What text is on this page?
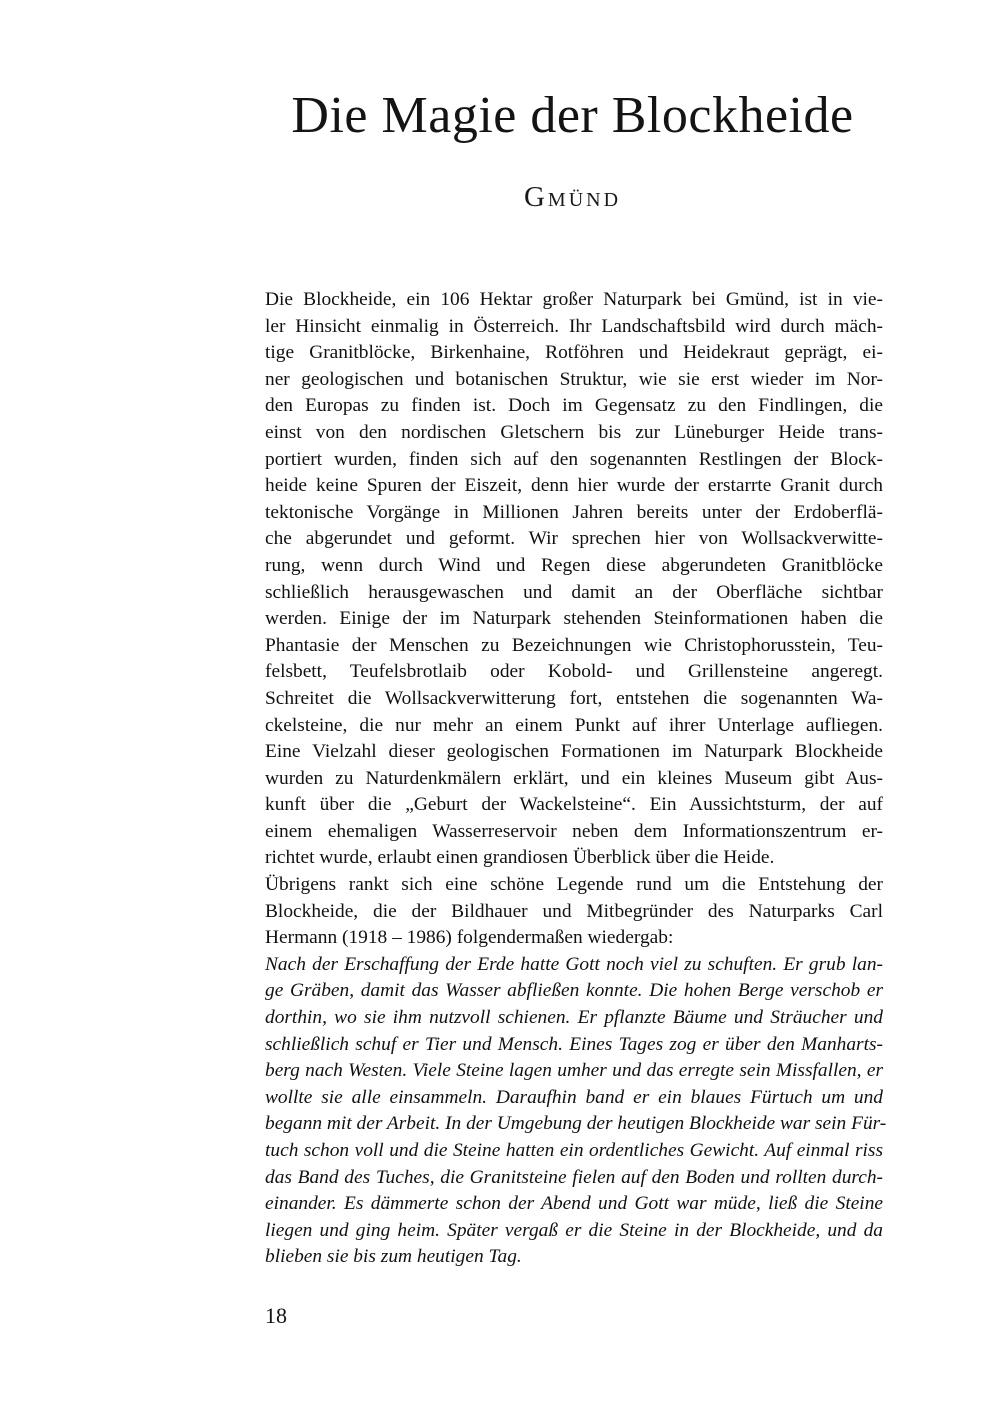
Die Magie der Blockheide
Gmünd
Die Blockheide, ein 106 Hektar großer Naturpark bei Gmünd, ist in vie-
ler Hinsicht einmalig in Österreich. Ihr Landschaftsbild wird durch mäch-
tige Granitblöcke, Birkenhaine, Rotföhren und Heidekraut geprägt, ei-
ner geologischen und botanischen Struktur, wie sie erst wieder im Nor-
den Europas zu finden ist. Doch im Gegensatz zu den Findlingen, die
einst von den nordischen Gletschern bis zur Lüneburger Heide trans-
portiert wurden, finden sich auf den sogenannten Restlingen der Block-
heide keine Spuren der Eiszeit, denn hier wurde der erstarrte Granit durch
tektonische Vorgänge in Millionen Jahren bereits unter der Erdoberflä-
che abgerundet und geformt. Wir sprechen hier von Wollsackverwitte-
rung, wenn durch Wind und Regen diese abgerundeten Granitblöcke
schließlich herausgewaschen und damit an der Oberfläche sichtbar
werden. Einige der im Naturpark stehenden Steinformationen haben die
Phantasie der Menschen zu Bezeichnungen wie Christophorusstein, Teu-
felsbett, Teufelsbrotlaib oder Kobold- und Grillensteine angeregt.
Schreitet die Wollsackverwitterung fort, entstehen die sogenannten Wa-
ckelsteine, die nur mehr an einem Punkt auf ihrer Unterlage aufliegen.
Eine Vielzahl dieser geologischen Formationen im Naturpark Blockheide
wurden zu Naturdenkmälern erklärt, und ein kleines Museum gibt Aus-
kunft über die „Geburt der Wackelsteine“. Ein Aussichtsturm, der auf
einem ehemaligen Wasserreservoir neben dem Informationszentrum er-
richtet wurde, erlaubt einen grandiosen Überblick über die Heide.
Übrigens rankt sich eine schöne Legende rund um die Entstehung der
Blockheide, die der Bildhauer und Mitbegründer des Naturparks Carl
Hermann (1918 – 1986) folgendermaßen wiedergab:
Nach der Erschaffung der Erde hatte Gott noch viel zu schuften. Er grub lan-
ge Gräben, damit das Wasser abfließen konnte. Die hohen Berge verschob er
dorthin, wo sie ihm nutzvoll schienen. Er pflanzte Bäume und Sträucher und
schließlich schuf er Tier und Mensch. Eines Tages zog er über den Manharts-
berg nach Westen. Viele Steine lagen umher und das erregte sein Missfallen, er
wollte sie alle einsammeln. Daraufhin band er ein blaues Fürtuch um und
begann mit der Arbeit. In der Umgebung der heutigen Blockheide war sein Für-
tuch schon voll und die Steine hatten ein ordentliches Gewicht. Auf einmal riss
das Band des Tuches, die Granitsteine fielen auf den Boden und rollten durch-
einander. Es dämmerte schon der Abend und Gott war müde, ließ die Steine
liegen und ging heim. Später vergaß er die Steine in der Blockheide, und da
blieben sie bis zum heutigen Tag.
18
